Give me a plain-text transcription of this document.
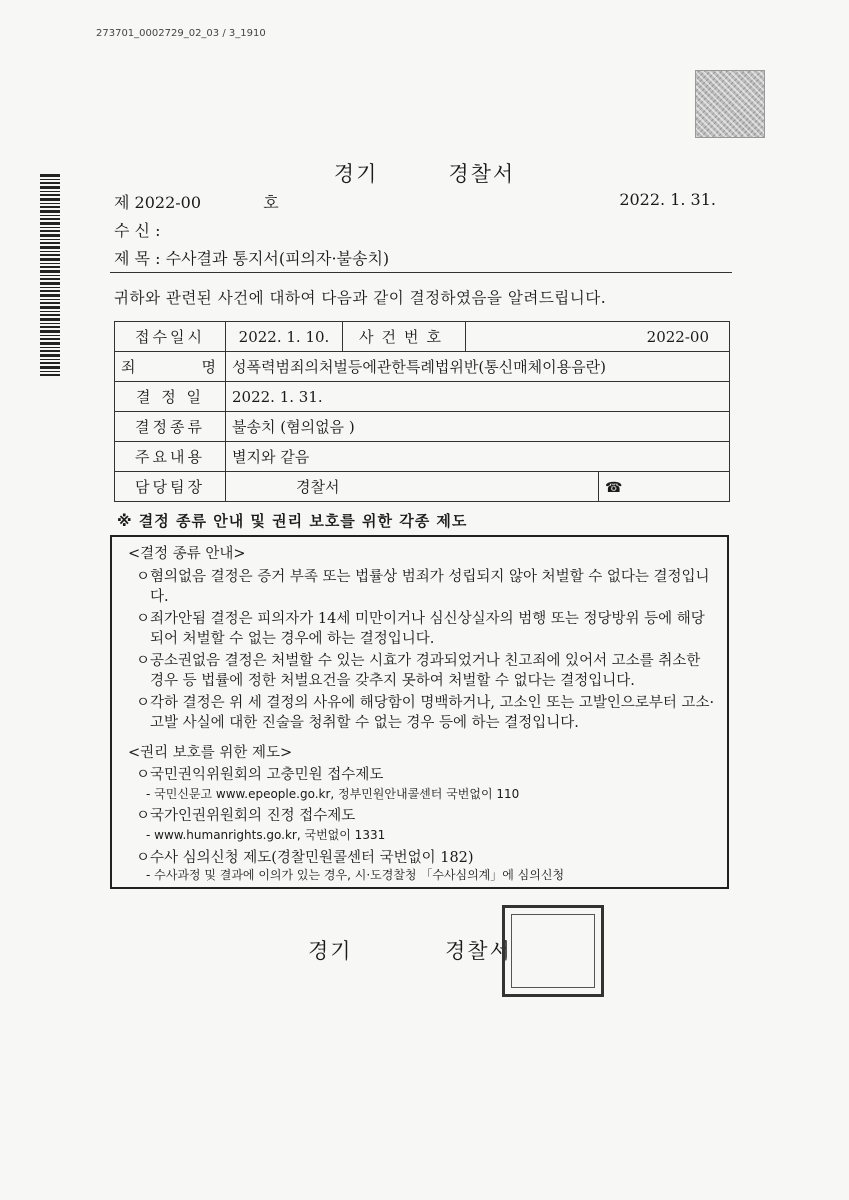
273701_0002729_02_03 / 3_1910
경기	경찰서
제 2022-00	호	2022. 1. 31.
수 신 :
제 목 : 수사결과 통지서(피의자·불송치)
귀하와 관련된 사건에 대하여 다음과 같이 결정하였음을 알려드립니다.
접수일시	2022. 1. 10.	사건번호	2022-00	
죄 명	성폭력범죄의처벌등에관한특례법위반(통신매체이용음란)			
결 정 일	2022. 1. 31.			
결정종류	불송치 (혐의없음 )			
주요내용	별지와 같음			
담당팀장	경찰서			☎
※ 결정 종류 안내 및 권리 보호를 위한 각종 제도
<결정 종류 안내>
ㅇ 혐의없음 결정은 증거 부족 또는 법률상 범죄가 성립되지 않아 처벌할 수 없다는 결정입니다.
ㅇ 죄가안됨 결정은 피의자가 14세 미만이거나 심신상실자의 범행 또는 정당방위 등에 해당되어 처벌할 수 없는 경우에 하는 결정입니다.
ㅇ 공소권없음 결정은 처벌할 수 있는 시효가 경과되었거나 친고죄에 있어서 고소를 취소한 경우 등 법률에 정한 처벌요건을 갖추지 못하여 처벌할 수 없다는 결정입니다.
ㅇ 각하 결정은 위 세 결정의 사유에 해당함이 명백하거나, 고소인 또는 고발인으로부터 고소·고발 사실에 대한 진술을 청취할 수 없는 경우 등에 하는 결정입니다.
<권리 보호를 위한 제도>
ㅇ 국민권익위원회의 고충민원 접수제도
- 국민신문고 www.epeople.go.kr, 정부민원안내콜센터 국번없이 110
ㅇ 국가인권위원회의 진정 접수제도
- www.humanrights.go.kr, 국번없이 1331
ㅇ 수사 심의신청 제도(경찰민원콜센터 국번없이 182)
- 수사과정 및 결과에 이의가 있는 경우, 시·도경찰청 「수사심의계」에 심의신청
경기	경찰서
